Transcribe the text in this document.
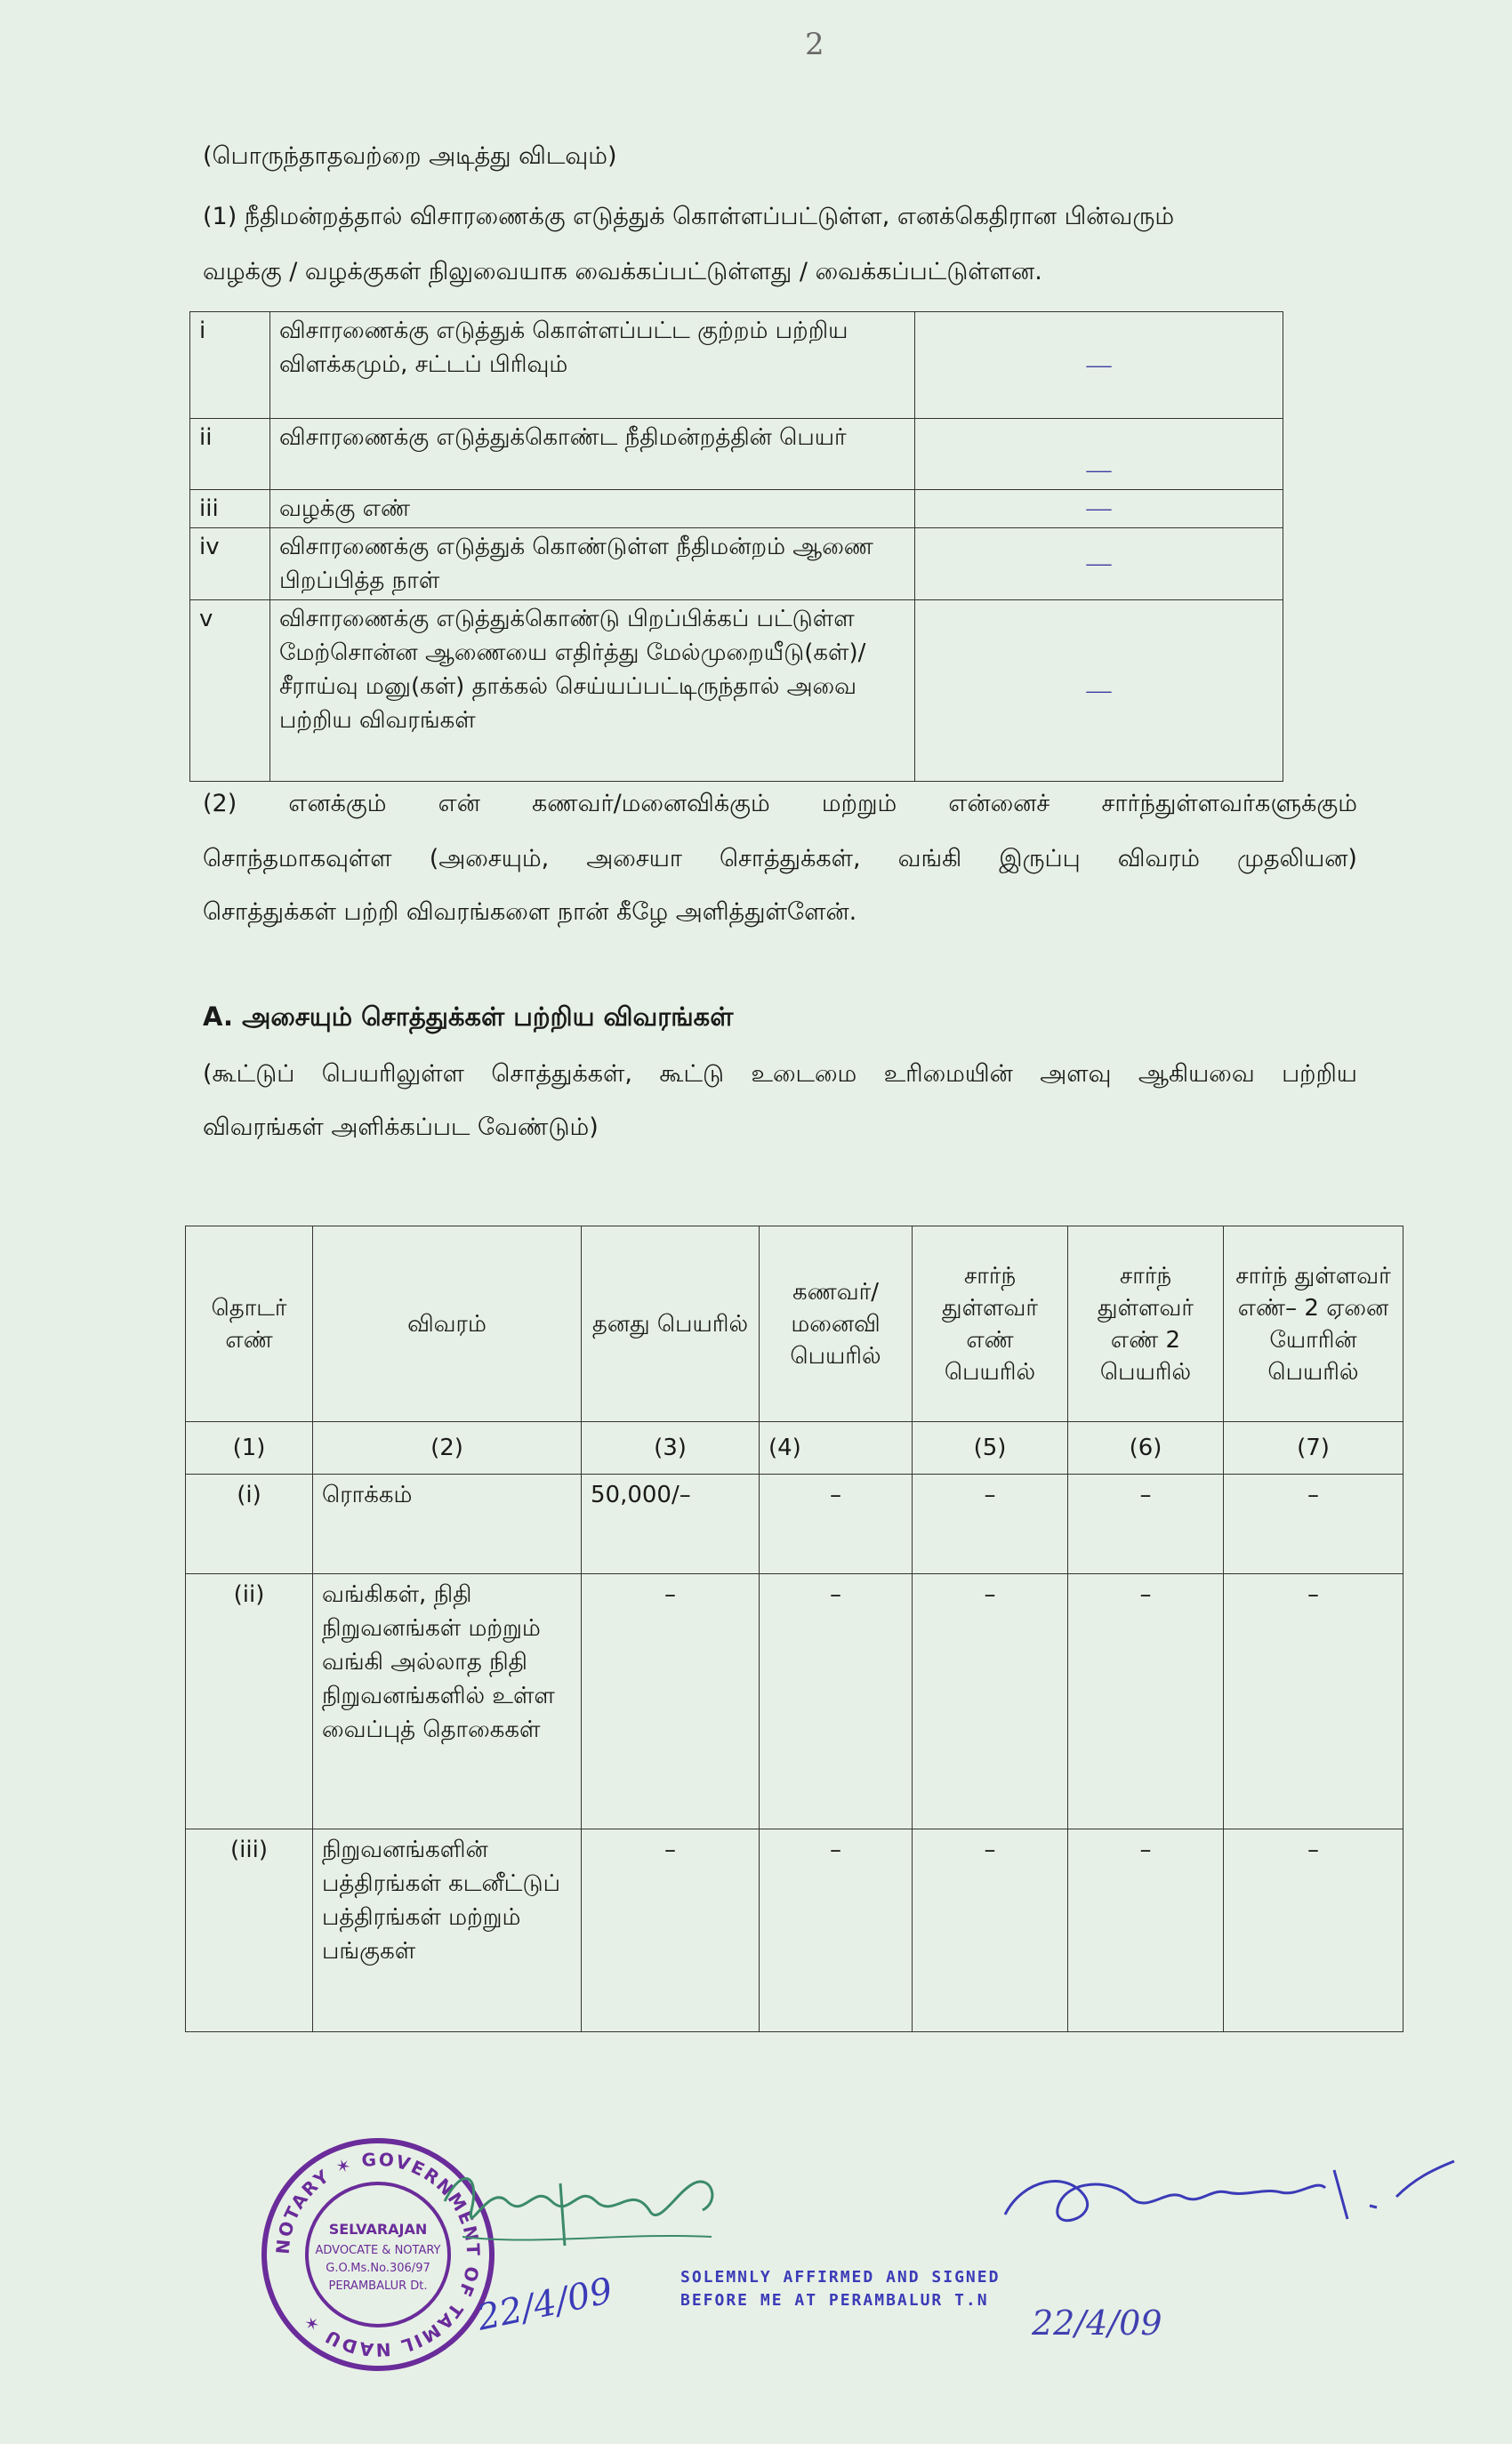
2
(பொருந்தாதவற்றை அடித்து விடவும்)
(1) நீதிமன்றத்தால் விசாரணைக்கு எடுத்துக் கொள்ளப்பட்டுள்ள, எனக்கெதிரான பின்வரும்
வழக்கு / வழக்குகள் நிலுவையாக வைக்கப்பட்டுள்ளது / வைக்கப்பட்டுள்ளன.
i	விசாரணைக்கு எடுத்துக் கொள்ளப்பட்ட குற்றம் பற்றிய விளக்கமும், சட்டப் பிரிவும்	—
ii	விசாரணைக்கு எடுத்துக்கொண்ட நீதிமன்றத்தின் பெயர்	—
iii	வழக்கு எண்	—
iv	விசாரணைக்கு எடுத்துக் கொண்டுள்ள நீதிமன்றம் ஆணை பிறப்பித்த நாள்	—
v	விசாரணைக்கு எடுத்துக்கொண்டு பிறப்பிக்கப் பட்டுள்ள மேற்சொன்ன ஆணையை எதிர்த்து மேல்முறையீடு(கள்)/சீராய்வு மனு(கள்) தாக்கல் செய்யப்பட்டிருந்தால் அவை பற்றிய விவரங்கள்	—
(2) எனக்கும் என் கணவர்/மனைவிக்கும் மற்றும் என்னைச் சார்ந்துள்ளவர்களுக்கும்
சொந்தமாகவுள்ள (அசையும், அசையா சொத்துக்கள், வங்கி இருப்பு விவரம் முதலியன)
சொத்துக்கள் பற்றி விவரங்களை நான் கீழே அளித்துள்ளேன்.
A. அசையும் சொத்துக்கள் பற்றிய விவரங்கள்
(கூட்டுப் பெயரிலுள்ள சொத்துக்கள், கூட்டு உடைமை உரிமையின் அளவு ஆகியவை பற்றிய
விவரங்கள் அளிக்கப்பட வேண்டும்)
தொடர் எண்	விவரம்	தனது பெயரில்	கணவர்/ மனைவி பெயரில்	சார்ந் துள்ளவர் எண் பெயரில்	சார்ந் துள்ளவர் எண் 2 பெயரில்	சார்ந் துள்ளவர் எண்– 2 ஏனை யோரின் பெயரில்
(1)	(2)	(3)	(4)	(5)	(6)	(7)
(i)	ரொக்கம்	50,000/–	–	–	–	–
(ii)	வங்கிகள், நிதி நிறுவனங்கள் மற்றும் வங்கி அல்லாத நிதி நிறுவனங்களில் உள்ள வைப்புத் தொகைகள்	–	–	–	–	–
(iii)	நிறுவனங்களின் பத்திரங்கள் கடனீட்டுப் பத்திரங்கள் மற்றும் பங்குகள்	–	–	–	–	–
NOTARY ✶ GOVERNMENT OF TAMIL NADU ✶
SELVARAJAN
ADVOCATE & NOTARY
G.O.Ms.No.306/97
PERAMBALUR Dt. 22/4/09	SOLEMNLY AFFIRMED AND SIGNED
BEFORE ME AT PERAMBALUR T.N
22/4/09
